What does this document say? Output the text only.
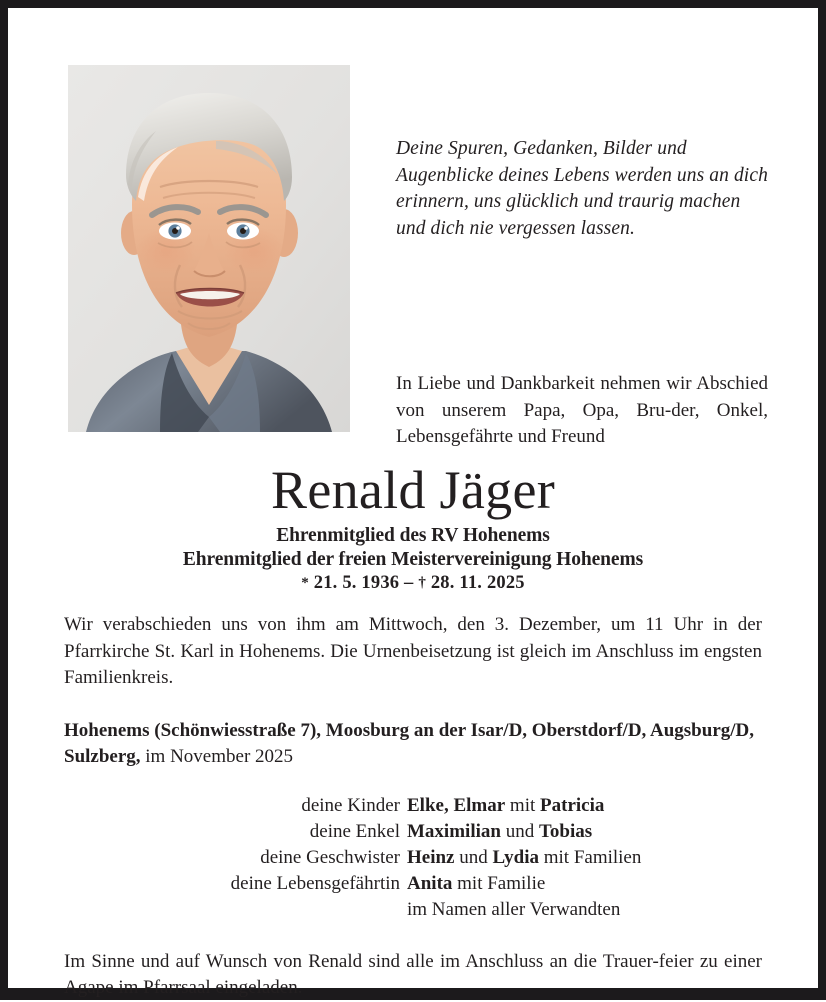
Deine Spuren, Gedanken, Bilder und Augenblicke deines Lebens werden uns an dich erinnern, uns glücklich und traurig machen und dich nie vergessen lassen.
In Liebe und Dankbarkeit nehmen wir Abschied von unserem Papa, Opa, Bru-der, Onkel, Lebensgefährte und Freund
Renald Jäger
Ehrenmitglied des RV Hohenems
Ehrenmitglied der freien Meistervereinigung Hohenems
* 21. 5. 1936 – † 28. 11. 2025
Wir verabschieden uns von ihm am Mittwoch, den 3. Dezember, um 11 Uhr in der Pfarrkirche St. Karl in Hohenems. Die Urnenbeisetzung ist gleich im Anschluss im engsten Familienkreis.
Hohenems (Schönwiesstraße 7), Moosburg an der Isar/D, Oberstdorf/D, Augsburg/D, Sulzberg, im November 2025
deine Kinder Elke, Elmar mit Patricia
deine Enkel Maximilian und Tobias
deine Geschwister Heinz und Lydia mit Familien
deine Lebensgefährtin Anita mit Familie
im Namen aller Verwandten
Im Sinne und auf Wunsch von Renald sind alle im Anschluss an die Trauer-feier zu einer Agape im Pfarrsaal eingeladen.
